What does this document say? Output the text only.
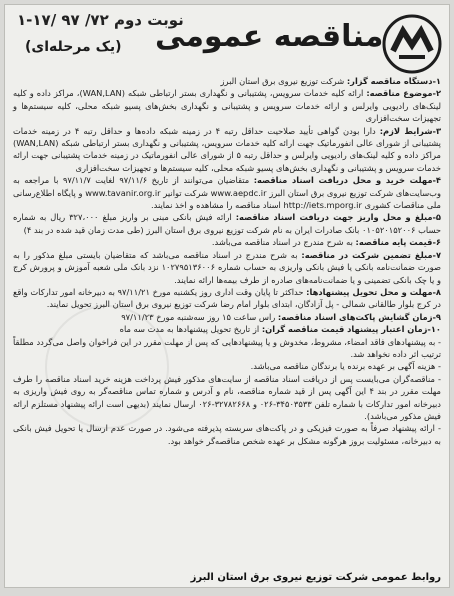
نوبت دوم ۷۲/ ۹۷ /۱۷-۱
مناقصه عمومی
(یک مرحله‌ای)

۱-دستگاه مناقصه گزار: شرکت توزیع نیروی برق استان البرز

۲-موضوع مناقصه: ارائه کلیه خدمات سرویس، پشتیبانی و نگهداری بستر ارتباطی شبکه (WAN,LAN)، مراکز داده و کلیه لینک‌های رادیویی وایرلس و ارائه خدمات سرویس و پشتیبانی و نگهداری بخش‌های پسیو شبکه محلی، کلیه سیستم‌ها و تجهیزات سخت‌افزاری

۳-شرایط لازم: دارا بودن گواهی تأیید صلاحیت حداقل رتبه ۴ در زمینه شبکه داده‌ها و حداقل رتبه ۴ در زمینه خدمات پشتیبانی از شورای عالی انفورماتیک جهت ارائه کلیه خدمات سرویس، پشتیبانی و نگهداری بستر ارتباطی شبکه (WAN,LAN) مراکز داده و کلیه لینک‌های رادیویی وایرلس و حداقل رتبه ۵ از شورای عالی انفورماتیک در زمینه خدمات پشتیبانی جهت ارائه خدمات سرویس و پشتیبانی و نگهداری بخش‌های پسیو شبکه محلی، کلیه سیستم‌ها و تجهیزات سخت‌افزاری

۴-مهلت خرید و محل دریافت اسناد مناقصه: متقاضیان می‌توانند از تاریخ ۹۷/۱۱/۶ لغایت ۹۷/۱۱/۷ با مراجعه به وب‌سایت‌های شرکت توزیع نیروی برق استان البرز www.aepdc.ir شرکت توانیر www.tavanir.org.ir و پایگاه اطلاع‌رسانی ملی مناقصات کشوری http://iets.mporg.ir اسناد مناقصه را مشاهده و اخذ نمایند.

۵-مبلغ و محل واریز جهت دریافت اسناد مناقصه: ارائه فیش بانکی مبنی بر واریز مبلغ ۳۲۷،۰۰۰ ریال به شماره حساب ۰۱۰۵۲۰۱۵۲۰۰۶ بانک صادرات ایران به نام شرکت توزیع نیروی برق استان البرز (طی مدت زمان قید شده در بند ۴)

۶-قیمت پایه مناقصه: به شرح مندرج در اسناد مناقصه می‌باشد.

۷-مبلغ تضمین شرکت در مناقصه: به شرح مندرج در اسناد مناقصه می‌باشد که متقاضیان بایستی مبلغ مذکور را به صورت ضمانت‌نامه بانکی یا فیش بانکی واریزی به حساب شماره ۱۰۲۷۹۵۱۳۶۰۰۶ نزد بانک ملی شعبه آموزش و پرورش کرج و یا چک بانکی تضمینی و یا ضمانت‌نامه‌های صادره از طرف بیمه‌ها ارائه نمایند.

۸-مهلت و محل تحویل پیشنهادها: حداکثر تا پایان وقت اداری روز یکشنبه مورخ ۹۷/۱۱/۲۱ به دبیرخانه امور تدارکات واقع در کرج بلوار طالقانی شمالی - پل آزادگان، ابتدای بلوار امام رضا شرکت توزیع نیروی برق استان البرز تحویل نمایند.

۹-زمان گشایش پاکت‌های اسناد مناقصه: راس ساعت ۱۵ روز سه‌شنبه مورخ ۹۷/۱۱/۲۳

۱۰-زمان اعتبار پیشنهاد قیمت مناقصه گران: از تاریخ تحویل پیشنهادها به مدت سه ماه

- به پیشنهادهای فاقد امضاء، مشروط، مخدوش و یا پیشنهادهایی که پس از مهلت مقرر در این فراخوان واصل می‌گردد مطلقاً ترتیب اثر داده نخواهد شد.

- هزینه آگهی بر عهده برنده یا برندگان مناقصه می‌باشد.

- مناقصه‌گران می‌بایست پس از دریافت اسناد مناقصه از سایت‌های مذکور فیش پرداخت هزینه خرید اسناد مناقصه را طرف مهلت مقرر در بند ۴ این آگهی پس از قید شماره مناقصه، نام و آدرس و شماره تماس مناقصه‌گر به روی فیش واریزی به دبیرخانه امور تدارکات با شماره تلفن ۳۴۵۰۳۵۳۳-۰۲۶ و ۳۲۷۸۲۶۶۸-۰۲۶ ارسال نمایند (بدیهی است ارائه پیشنهاد مستلزم ارائه فیش مذکور می‌باشد).

- ارائه پیشنهاد صرفاً به صورت فیزیکی و در پاکت‌های سربسته پذیرفته می‌شود. در صورت عدم ارسال یا تحویل فیش بانکی به دبیرخانه، مسئولیت بروز هرگونه مشکل بر عهده شخص مناقصه‌گر خواهد بود.

روابط عمومی شرکت توزیع نیروی برق استان البرز
